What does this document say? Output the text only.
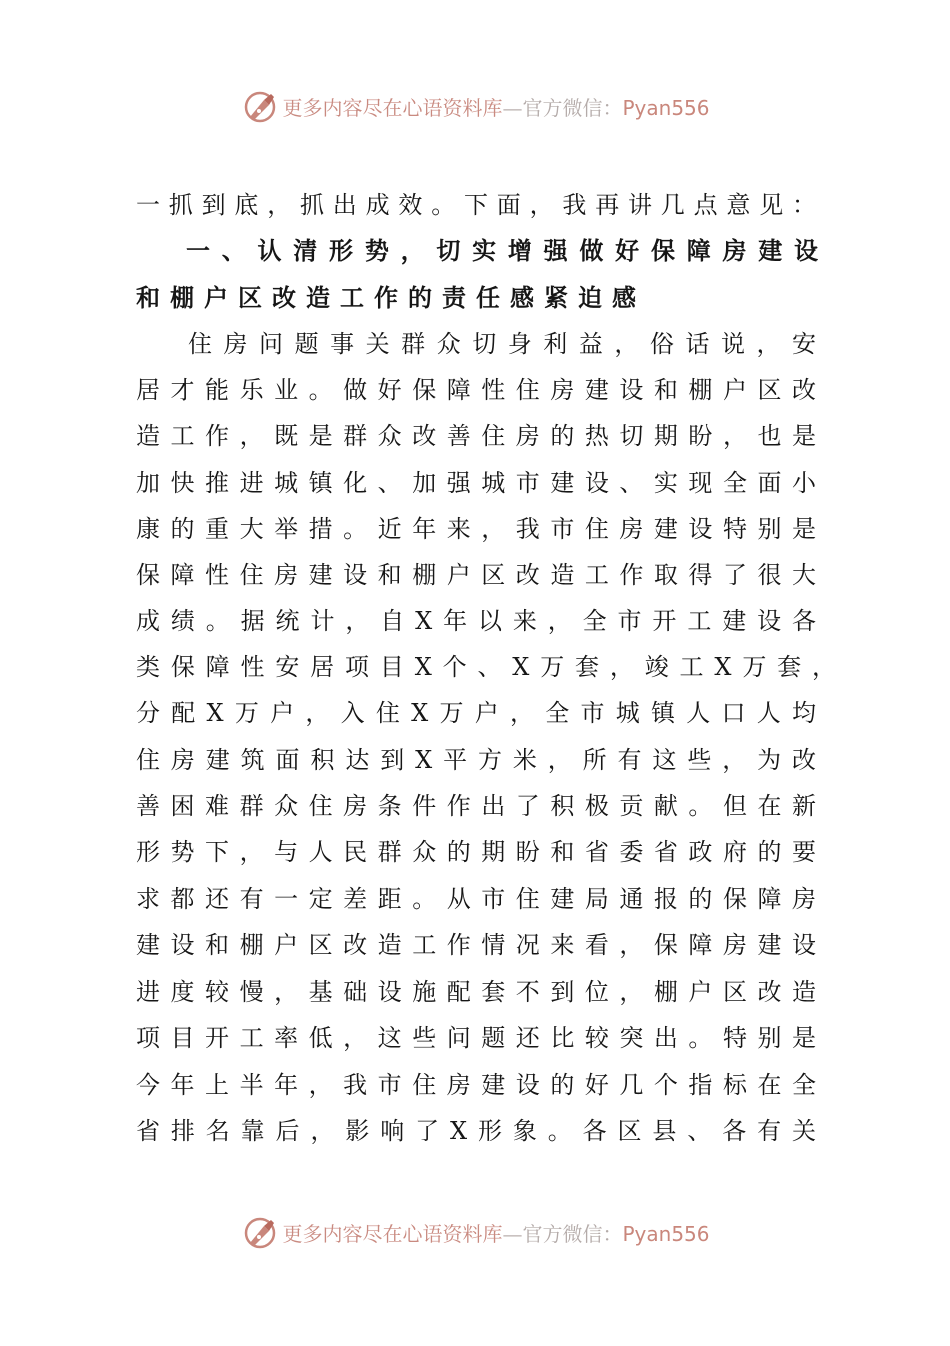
更多内容尽在心语资料库—官方微信：Pyan556
一抓到底，抓出成效。下面，我再讲几点意见：
一、认清形势，切实增强做好保障房建设
和棚户区改造工作的责任感紧迫感
住房问题事关群众切身利益，俗话说，安
居才能乐业。做好保障性住房建设和棚户区改
造工作，既是群众改善住房的热切期盼，也是
加快推进城镇化、加强城市建设、实现全面小
康的重大举措。近年来，我市住房建设特别是
保障性住房建设和棚户区改造工作取得了很大
成绩。据统计，自X年以来，全市开工建设各
类保障性安居项目X个、X万套，竣工X万套，
分配X万户，入住X万户，全市城镇人口人均
住房建筑面积达到X平方米，所有这些，为改
善困难群众住房条件作出了积极贡献。但在新
形势下，与人民群众的期盼和省委省政府的要
求都还有一定差距。从市住建局通报的保障房
建设和棚户区改造工作情况来看，保障房建设
进度较慢，基础设施配套不到位，棚户区改造
项目开工率低，这些问题还比较突出。特别是
今年上半年，我市住房建设的好几个指标在全
省排名靠后，影响了X形象。各区县、各有关
更多内容尽在心语资料库—官方微信：Pyan556
